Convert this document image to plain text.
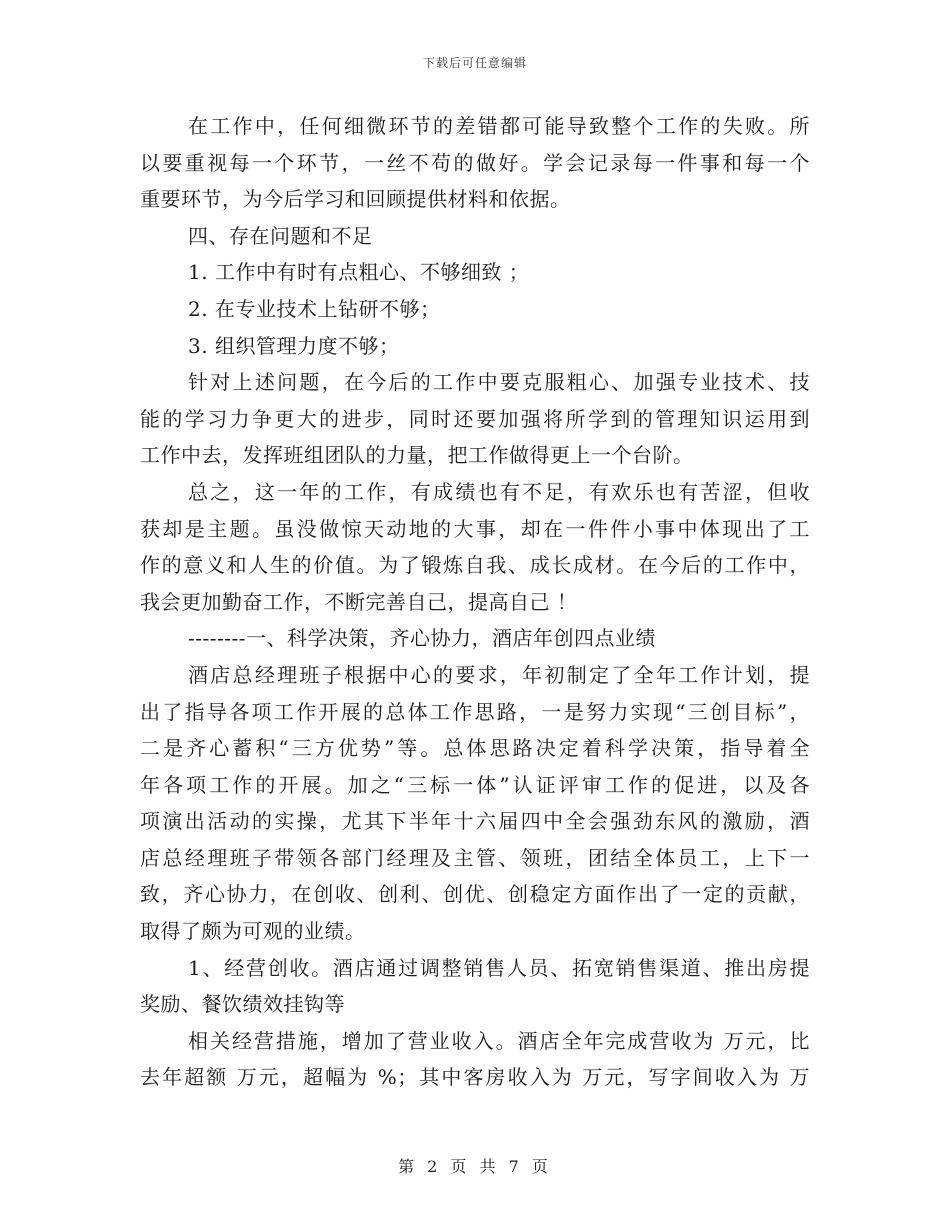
下载后可任意编辑
在工作中，任何细微环节的差错都可能导致整个工作的失败。所
以要重视每一个环节，一丝不苟的做好。学会记录每一件事和每一个
重要环节，为今后学习和回顾提供材料和依据。
四、存在问题和不足
1. 工作中有时有点粗心、不够细致 ；
2. 在专业技术上钻研不够；
3. 组织管理力度不够；
针对上述问题，在今后的工作中要克服粗心、加强专业技术、技
能的学习力争更大的进步，同时还要加强将所学到的管理知识运用到
工作中去，发挥班组团队的力量，把工作做得更上一个台阶。
总之，这一年的工作，有成绩也有不足，有欢乐也有苦涩，但收
获却是主题。虽没做惊天动地的大事，却在一件件小事中体现出了工
作的意义和人生的价值。为了锻炼自我、成长成材。在今后的工作中，
我会更加勤奋工作，不断完善自己，提高自己 ！
--------一、科学决策，齐心协力，酒店年创四点业绩
酒店总经理班子根据中心的要求，年初制定了全年工作计划，提
出了指导各项工作开展的总体工作思路，一是努力实现“三创目标”，
二是齐心蓄积“三方优势”等。总体思路决定着科学决策，指导着全
年各项工作的开展。加之“三标一体”认证评审工作的促进，以及各
项演出活动的实操，尤其下半年十六届四中全会强劲东风的激励，酒
店总经理班子带领各部门经理及主管、领班，团结全体员工，上下一
致，齐心协力，在创收、创利、创优、创稳定方面作出了一定的贡献，
取得了颇为可观的业绩。
1、经营创收。酒店通过调整销售人员、拓宽销售渠道、推出房提
奖励、餐饮绩效挂钩等
相关经营措施，增加了营业收入。酒店全年完成营收为 万元，比
去年超额 万元，超幅为 %；其中客房收入为 万元，写字间收入为 万
第 2 页 共 7 页
